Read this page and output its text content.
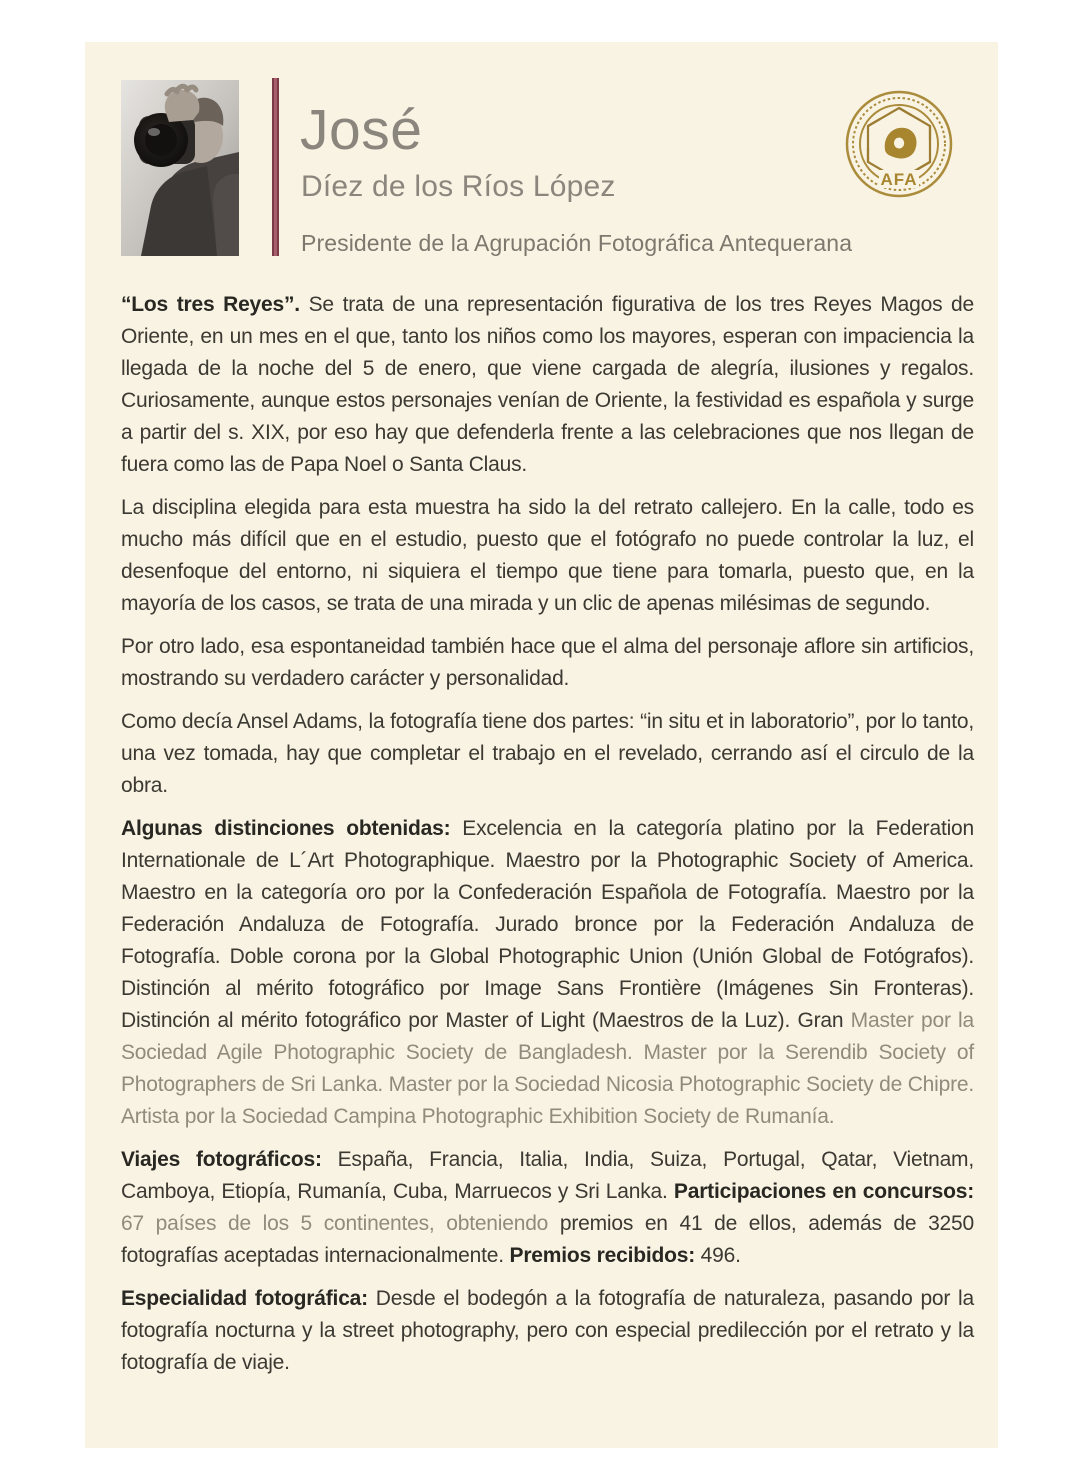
José
Díez de los Ríos López
Presidente de la Agrupación Fotográfica Antequerana
AFA

“Los tres Reyes”. Se trata de una representación figurativa de los tres Reyes Magos de Oriente, en un mes en el que, tanto los niños como los mayores, esperan con impaciencia la llegada de la noche del 5 de enero, que viene cargada de alegría, ilusiones y regalos. Curiosamente, aunque estos personajes venían de Oriente, la festividad es española y surge a partir del s. XIX, por eso hay que defenderla frente a las celebraciones que nos llegan de fuera como las de Papa Noel o Santa Claus.

La disciplina elegida para esta muestra ha sido la del retrato callejero. En la calle, todo es mucho más difícil que en el estudio, puesto que el fotógrafo no puede controlar la luz, el desenfoque del entorno, ni siquiera el tiempo que tiene para tomarla, puesto que, en la mayoría de los casos, se trata de una mirada y un clic de apenas milésimas de segundo.

Por otro lado, esa espontaneidad también hace que el alma del personaje aflore sin artificios, mostrando su verdadero carácter y personalidad.

Como decía Ansel Adams, la fotografía tiene dos partes: “in situ et in laboratorio”, por lo tanto, una vez tomada, hay que completar el trabajo en el revelado, cerrando así el circulo de la obra.

Algunas distinciones obtenidas: Excelencia en la categoría platino por la Federation Internationale de L´Art Photographique. Maestro por la Photographic Society of America. Maestro en la categoría oro por la Confederación Española de Fotografía. Maestro por la Federación Andaluza de Fotografía. Jurado bronce por la Federación Andaluza de Fotografía. Doble corona por la Global Photographic Union (Unión Global de Fotógrafos). Distinción al mérito fotográfico por Image Sans Frontière (Imágenes Sin Fronteras). Distinción al mérito fotográfico por Master of Light (Maestros de la Luz). Gran Master por la Sociedad Agile Photographic Society de Bangladesh. Master por la Serendib Society of Photographers de Sri Lanka. Master por la Sociedad Nicosia Photographic Society de Chipre. Artista por la Sociedad Campina Photographic Exhibition Society de Rumanía.

Viajes fotográficos: España, Francia, Italia, India, Suiza, Portugal, Qatar, Vietnam, Camboya, Etiopía, Rumanía, Cuba, Marruecos y Sri Lanka. Participaciones en concursos: 67 países de los 5 continentes, obteniendo premios en 41 de ellos, además de 3250 fotografías aceptadas internacionalmente. Premios recibidos: 496.

Especialidad fotográfica: Desde el bodegón a la fotografía de naturaleza, pasando por la fotografía nocturna y la street photography, pero con especial predilección por el retrato y la fotografía de viaje.
